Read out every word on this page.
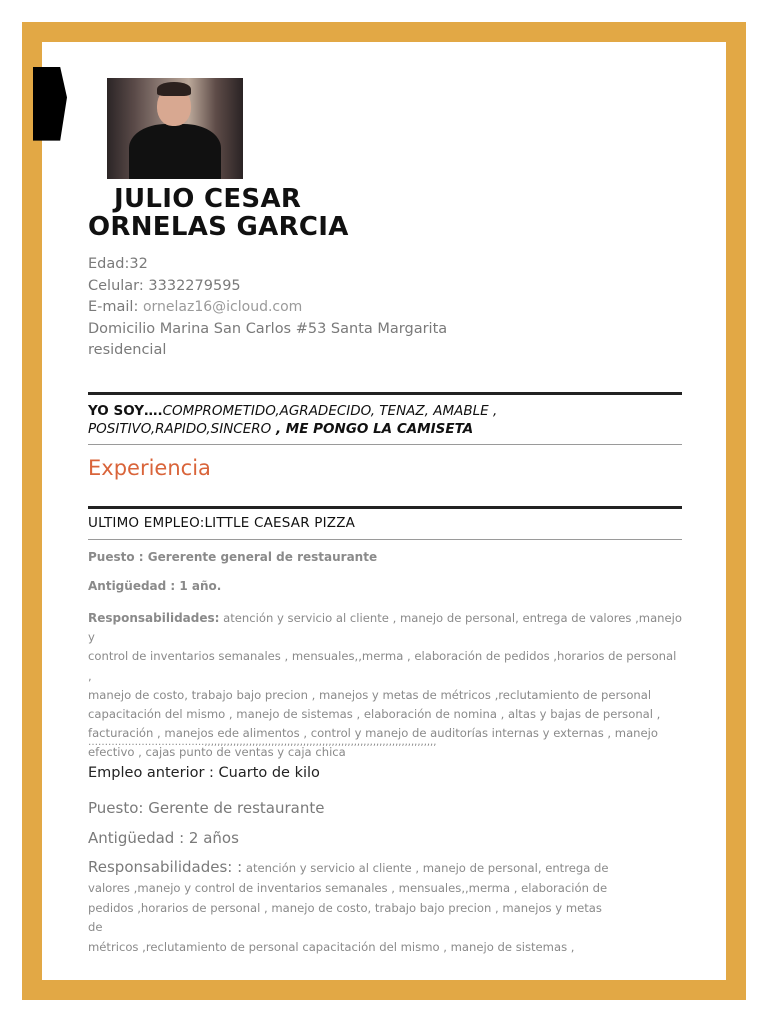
JULIO CESAR
ORNELAS GARCIA
Edad:32
Celular: 3332279595
E-mail: ornelaz16@icloud.com
Domicilio Marina San Carlos #53 Santa Margarita
residencial
YO SOY….COMPROMETIDO,AGRADECIDO, TENAZ, AMABLE ,
POSITIVO,RAPIDO,SINCERO , ME PONGO LA CAMISETA
Experiencia
ULTIMO EMPLEO:LITTLE CAESAR PIZZA
Puesto : Gererente general de restaurante
Antigüedad : 1 año.
Responsabilidades: atención y servicio al cliente , manejo de personal, entrega de valores ,manejo y
control de inventarios semanales , mensuales,,merma , elaboración de pedidos ,horarios de personal ,
manejo de costo, trabajo bajo precion , manejos y metas de métricos ,reclutamiento de personal
capacitación del mismo , manejo de sistemas , elaboración de nomina , altas y bajas de personal ,
facturación , manejos ede alimentos , control y manejo de auditorías internas y externas , manejo
efectivo , cajas punto de ventas y caja chica
……………………………..,,,,,,,,,,,,,,,,,,,,,,,,,,,,,,,,,,,,,,,,,,,,,,,,,,,,,,,,,,,,,,,,,,,,,,,,,
Empleo anterior : Cuarto de kilo
Puesto: Gerente de restaurante
Antigüedad : 2 años
Responsabilidades: : atención y servicio al cliente , manejo de personal, entrega de
valores ,manejo y control de inventarios semanales , mensuales,,merma , elaboración de
pedidos ,horarios de personal , manejo de costo, trabajo bajo precion , manejos y metas de
métricos ,reclutamiento de personal capacitación del mismo , manejo de sistemas ,
